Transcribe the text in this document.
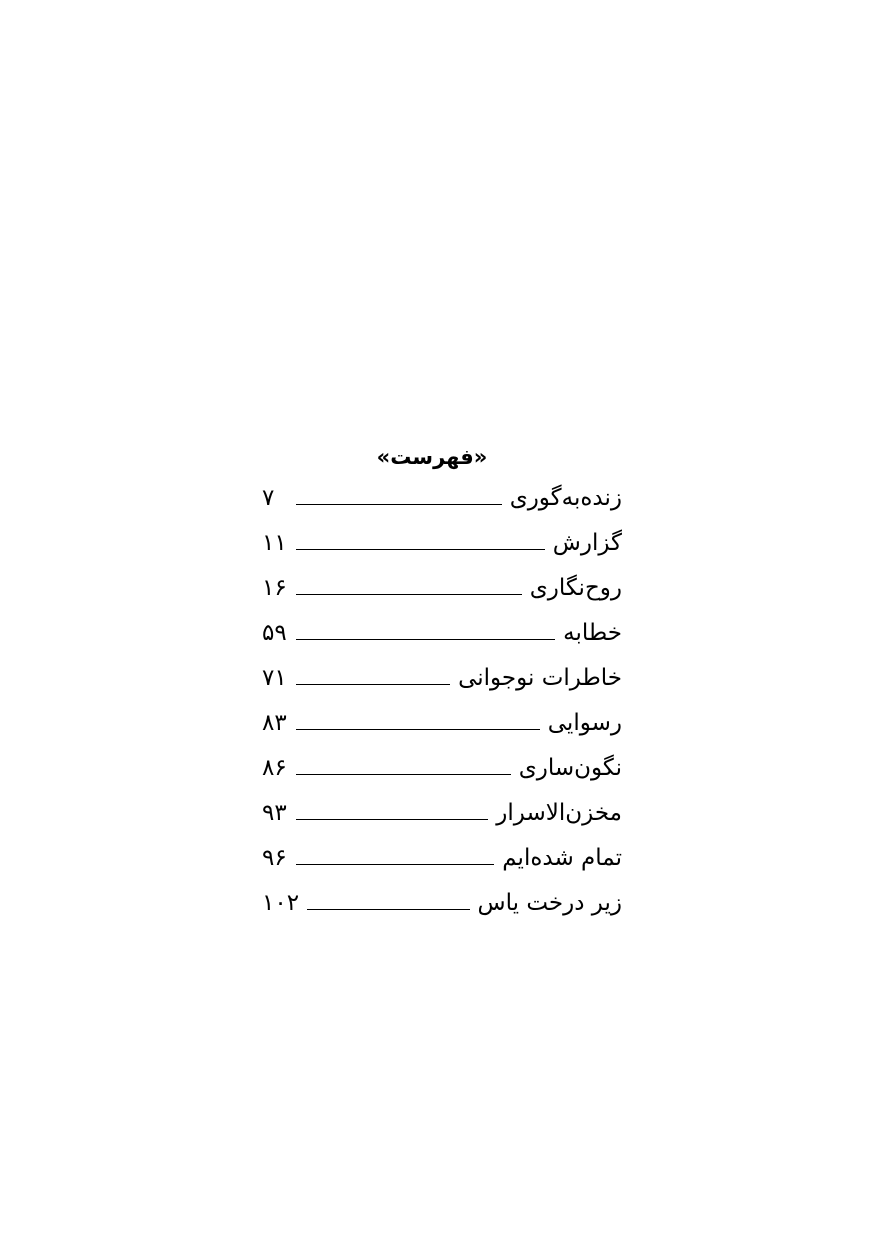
«فهرست»
زنده‌به‌گوری
۷
گزارش
۱۱
روح‌نگاری
۱۶
خطابه
۵۹
خاطرات نوجوانی
۷۱
رسوایی
۸۳
نگون‌ساری
۸۶
مخزن‌الاسرار
۹۳
تمام شده‌ایم
۹۶
زیر درخت یاس
۱۰۲
